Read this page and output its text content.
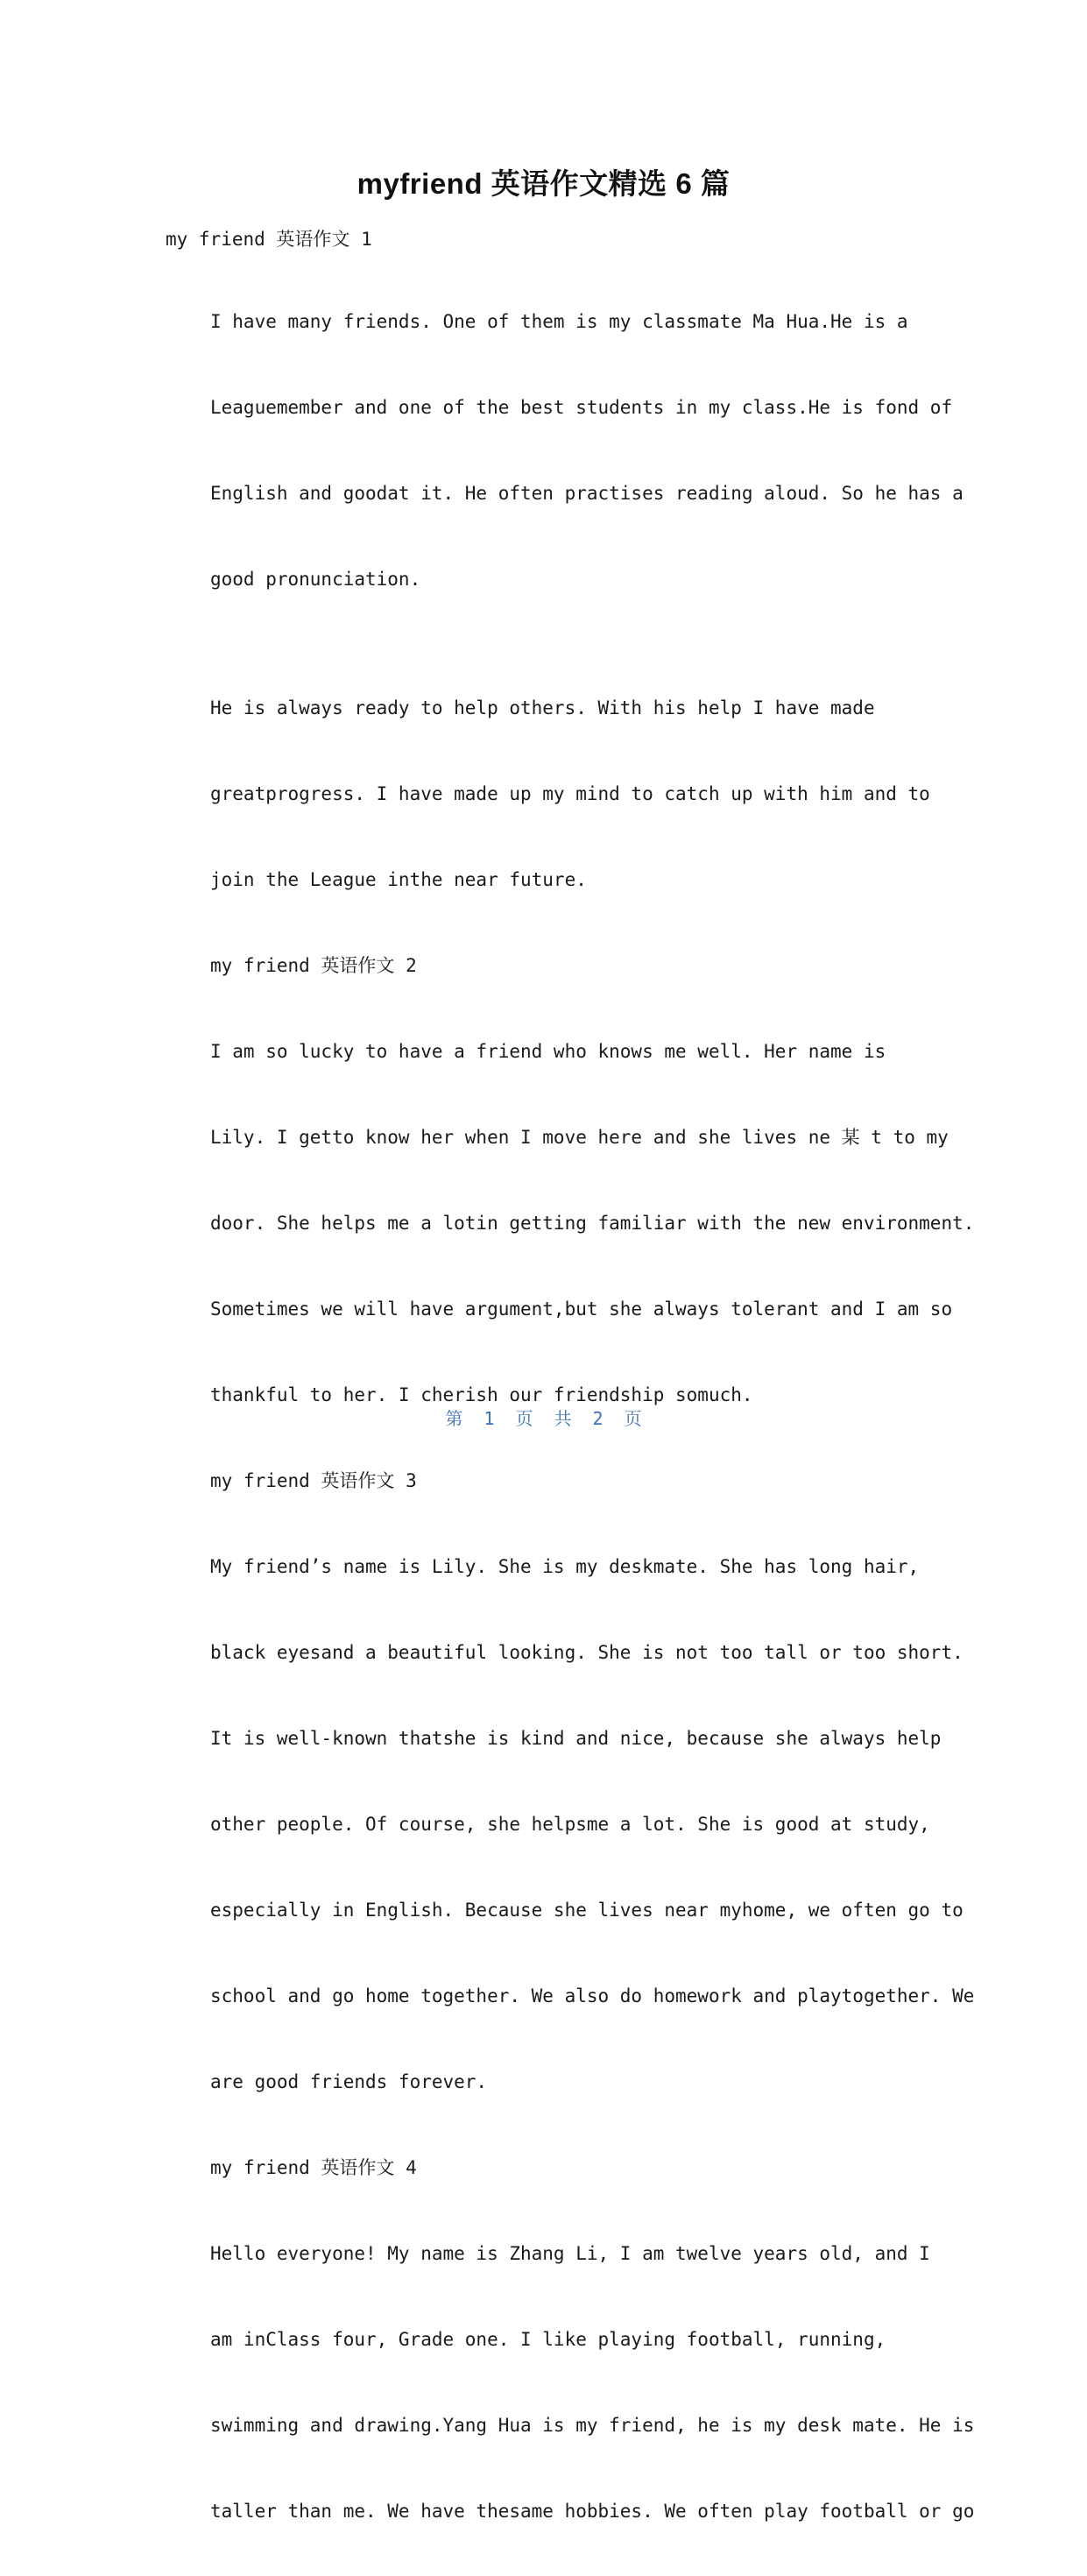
myfriend 英语作文精选 6 篇
my friend 英语作文 1

I have many friends. One of them is my classmate Ma Hua.He is a

Leaguemember and one of the best students in my class.He is fond of

English and goodat it. He often practises reading aloud. So he has a

good pronunciation.

He is always ready to help others. With his help I have made

greatprogress. I have made up my mind to catch up with him and to

join the League inthe near future.

my friend 英语作文 2

I am so lucky to have a friend who knows me well. Her name is

Lily. I getto know her when I move here and she lives ne 某 t to my

door. She helps me a lotin getting familiar with the new environment.

Sometimes we will have argument,but she always tolerant and I am so

thankful to her. I cherish our friendship somuch.

my friend 英语作文 3

My friend’s name is Lily. She is my deskmate. She has long hair,

black eyesand a beautiful looking. She is not too tall or too short.

It is well-known thatshe is kind and nice, because she always help

other people. Of course, she helpsme a lot. She is good at study,

especially in English. Because she lives near myhome, we often go to

school and go home together. We also do homework and playtogether. We

are good friends forever.

my friend 英语作文 4

Hello everyone! My name is Zhang Li, I am twelve years old, and I

am inClass four, Grade one. I like playing football, running,

swimming and drawing.Yang Hua is my friend, he is my desk mate. He is

taller than me. We have thesame hobbies. We often play football or go

第 1 页 共 2 页
